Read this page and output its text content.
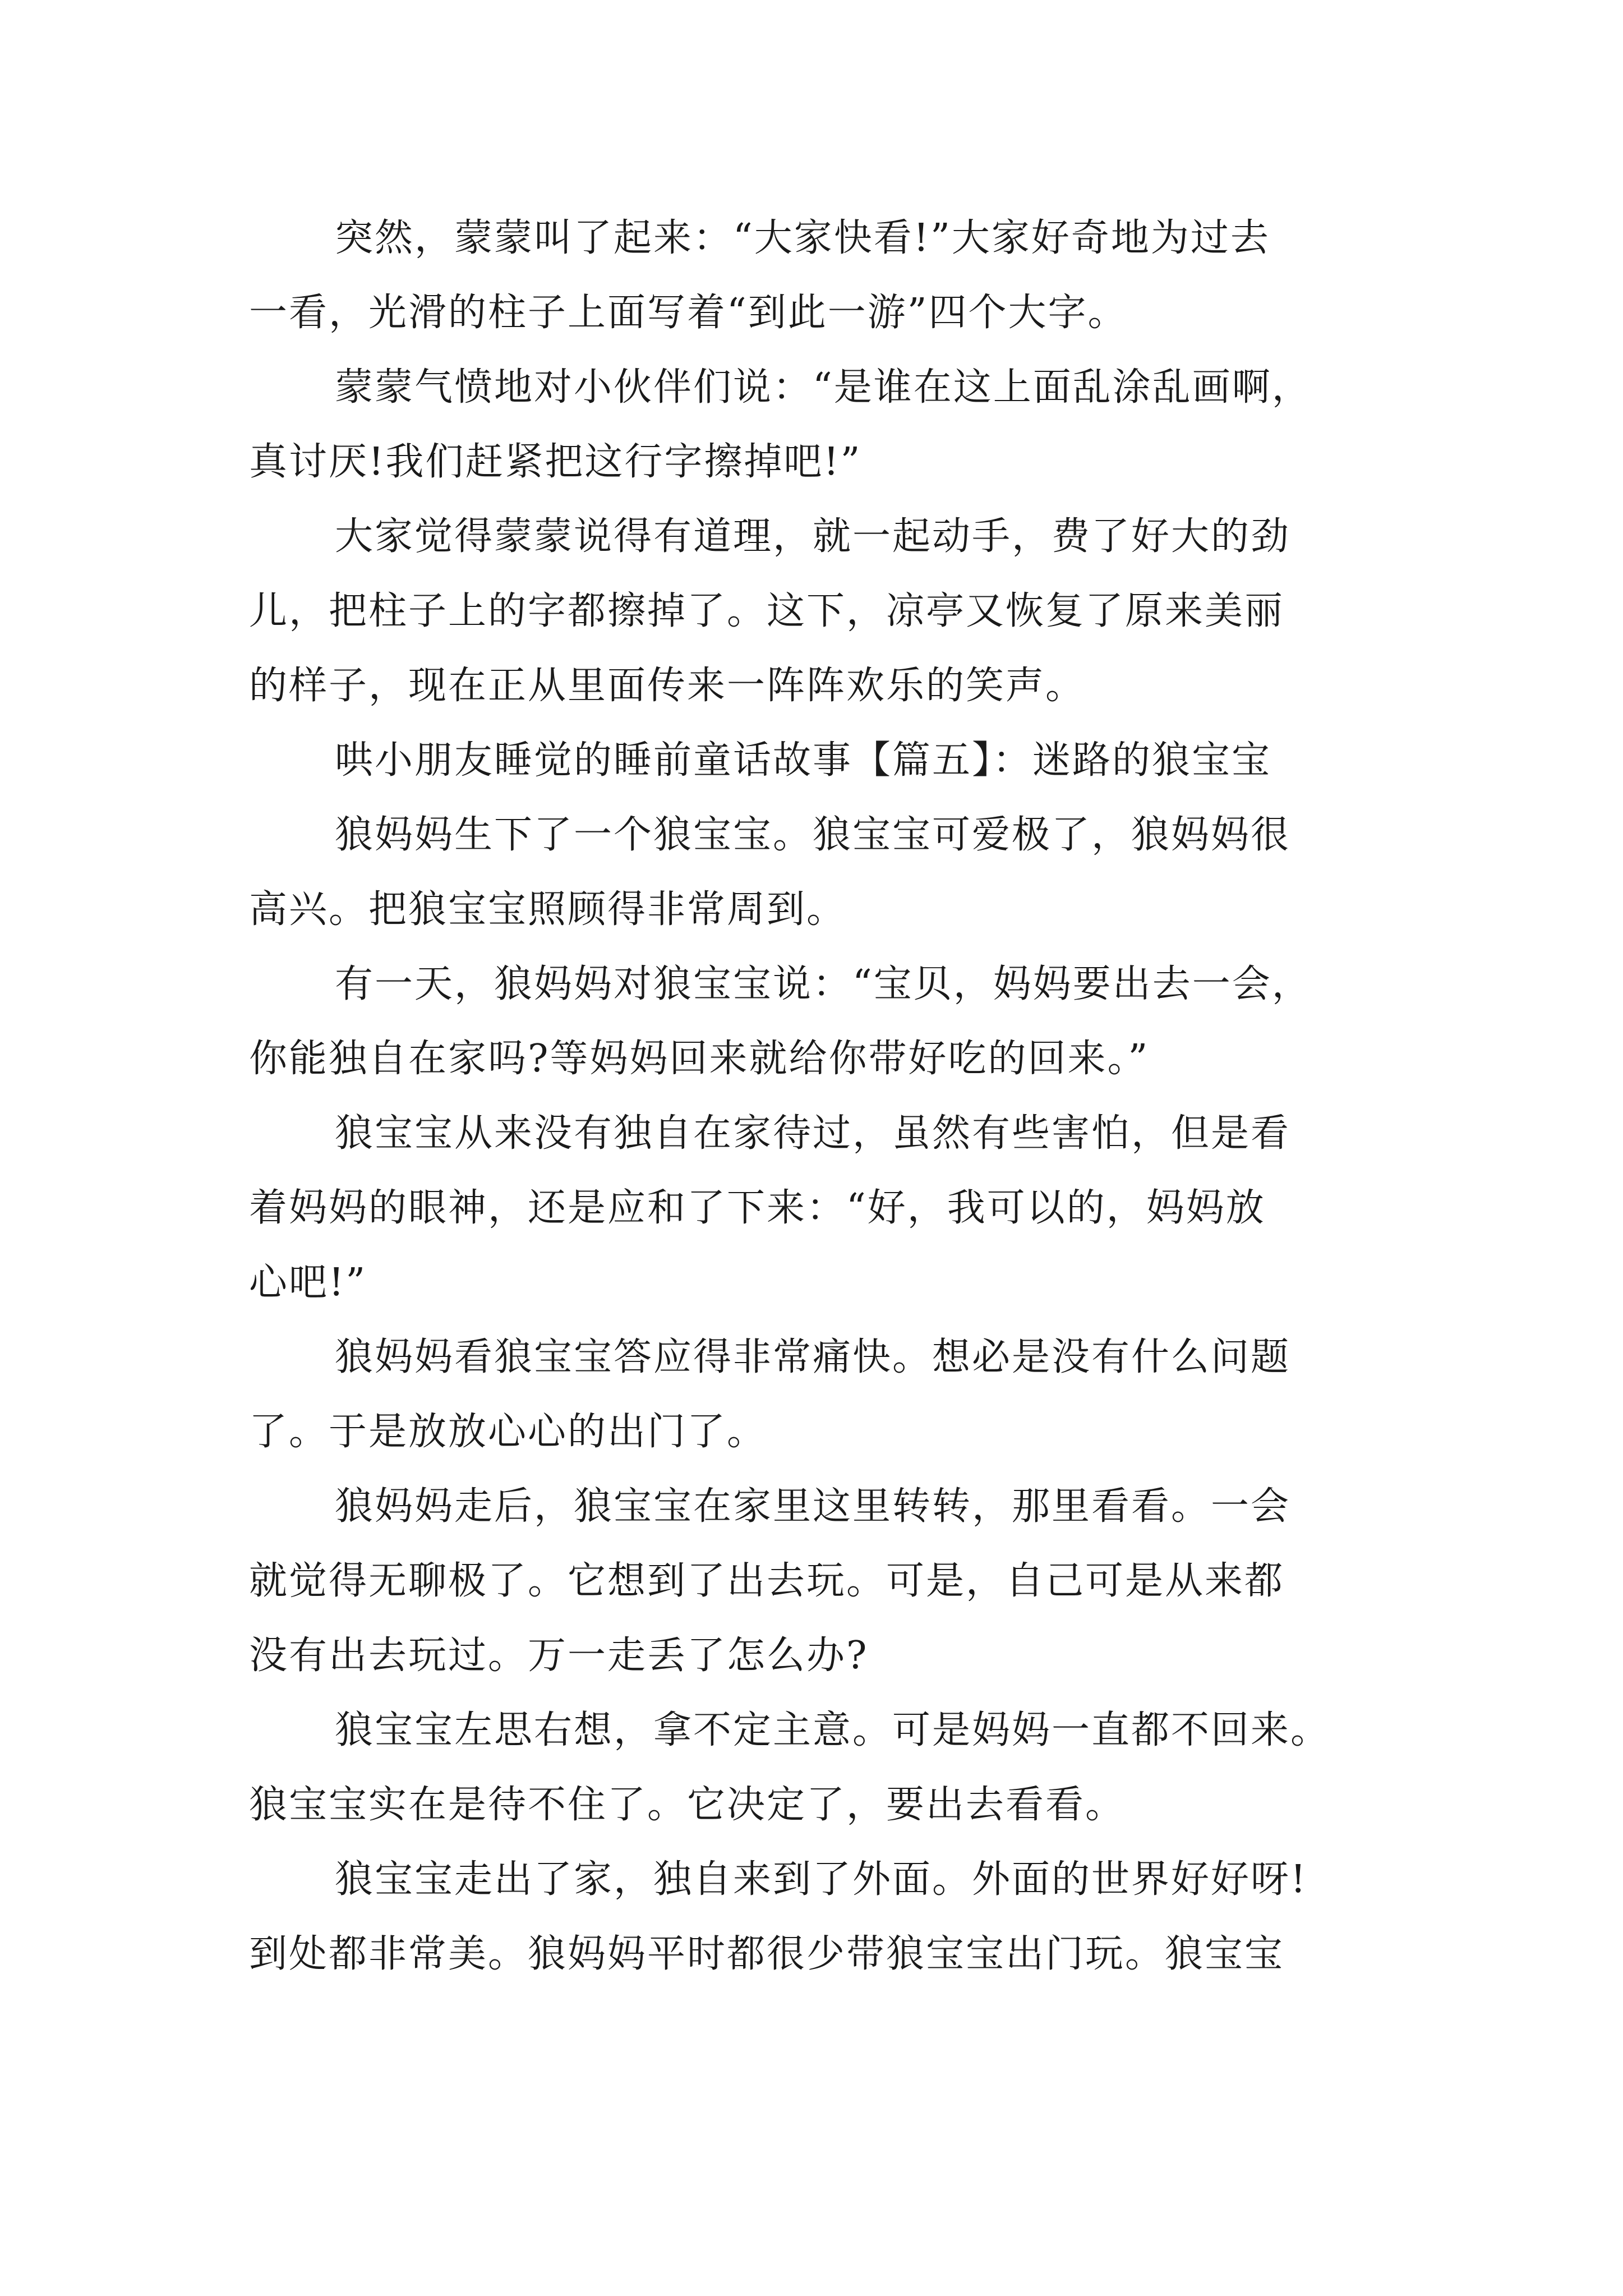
突然，蒙蒙叫了起来：“大家快看!”大家好奇地为过去
一看，光滑的柱子上面写着“到此一游”四个大字。
蒙蒙气愤地对小伙伴们说：“是谁在这上面乱涂乱画啊，
真讨厌!我们赶紧把这行字擦掉吧!”
大家觉得蒙蒙说得有道理，就一起动手，费了好大的劲
儿，把柱子上的字都擦掉了。这下，凉亭又恢复了原来美丽
的样子，现在正从里面传来一阵阵欢乐的笑声。
哄小朋友睡觉的睡前童话故事【篇五】：迷路的狼宝宝
狼妈妈生下了一个狼宝宝。狼宝宝可爱极了，狼妈妈很
高兴。把狼宝宝照顾得非常周到。
有一天，狼妈妈对狼宝宝说：“宝贝，妈妈要出去一会，
你能独自在家吗?等妈妈回来就给你带好吃的回来。”
狼宝宝从来没有独自在家待过，虽然有些害怕，但是看
着妈妈的眼神，还是应和了下来：“好，我可以的，妈妈放
心吧!”
狼妈妈看狼宝宝答应得非常痛快。想必是没有什么问题
了。于是放放心心的出门了。
狼妈妈走后，狼宝宝在家里这里转转，那里看看。一会
就觉得无聊极了。它想到了出去玩。可是，自己可是从来都
没有出去玩过。万一走丢了怎么办?
狼宝宝左思右想，拿不定主意。可是妈妈一直都不回来。
狼宝宝实在是待不住了。它决定了，要出去看看。
狼宝宝走出了家，独自来到了外面。外面的世界好好呀!
到处都非常美。狼妈妈平时都很少带狼宝宝出门玩。狼宝宝
